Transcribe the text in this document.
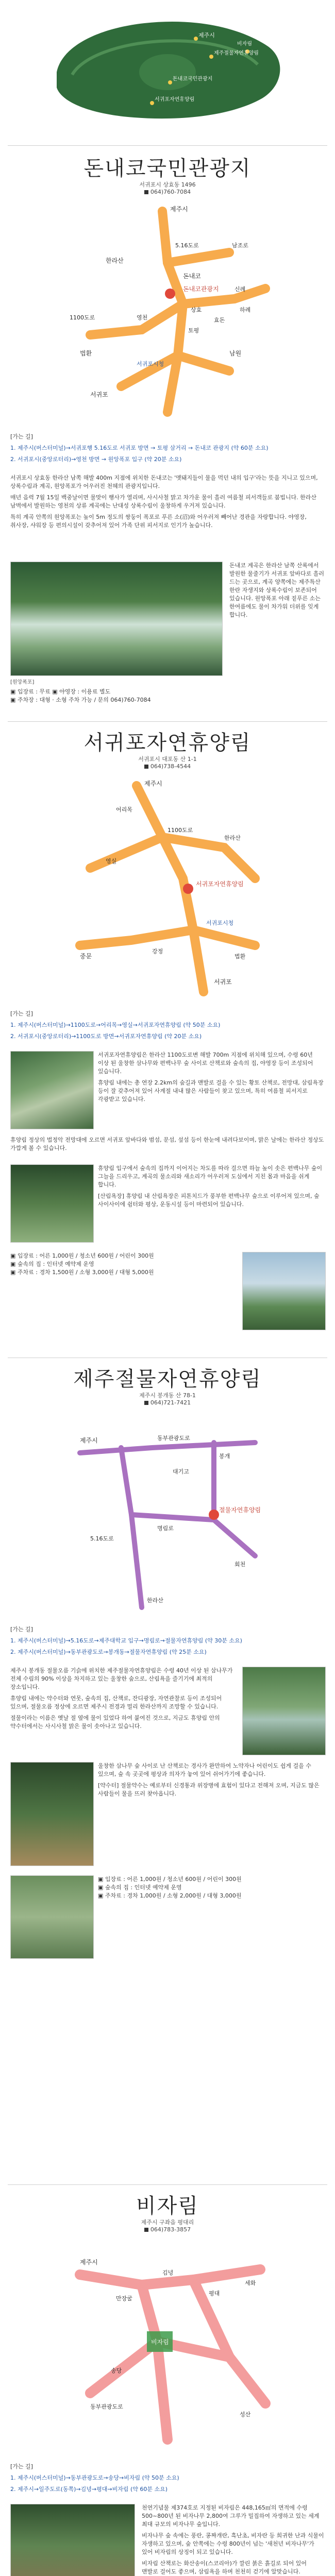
제주시
돈내코국민관광지
서귀포자연휴양림
제주절물자연휴양림
비자림
돈내코국민관광지
서귀포시 상효동 1496
064)760-7084
서귀포
남원
법환
돈내코
돈내코관광지
제주시
한라산
상효
토평
영천	효돈
신례
서귀포시청
하례
1100도로
5.16도로	남조로

[가는 길]

1. 제주시(버스터미널)→서귀포행 5.16도로 서귀포 방면 → 토평 삼거리 → 돈내코 관광지 (약 60분 소요)

2. 서귀포시(중앙로터리)→영천 방면 → 원앙폭포 입구 (약 20분 소요)

서귀포시 상효동 한라산 남쪽 해발 400m 지점에 위치한 돈내코는 '멧돼지들이 물을 먹던 내의 입구'라는 뜻을 지니고 있으며, 상록수림과 계곡, 원앙폭포가 어우러진 천혜의 관광지입니다.

매년 음력 7월 15일 백중날이면 물맞이 행사가 열리며, 사시사철 맑고 차가운 물이 흘러 여름철 피서객들로 붐빕니다. 한라산 남벽에서 발원하는 영천의 상류 계곡에는 난대성 상록수림이 울창하게 우거져 있습니다.

특히 계곡 안쪽의 원앙폭포는 높이 5m 정도의 쌍둥이 폭포로 푸른 소(沼)와 어우러져 빼어난 경관을 자랑합니다. 야영장, 취사장, 샤워장 등 편의시설이 갖추어져 있어 가족 단위 피서지로 인기가 높습니다.

[원앙폭포]

돈내코 계곡은 한라산 남쪽 산록에서 발원한 물줄기가 서귀포 앞바다로 흘러 드는 곳으로, 계곡 양쪽에는 제주특산 한란 자생지와 상록수림이 보존되어 있습니다. 원앙폭포 아래 짙푸른 소는 한여름에도 물이 차가워 더위를 잊게 합니다.

▣ 입장료 : 무료 ▣ 야영장 : 이용료 별도
▣ 주차장 : 대형 · 소형 주차 가능 / 문의 064)760-7084
서귀포자연휴양림
서귀포시 대포동 산 1-1
064)738-4544
서귀포자연휴양림
서귀포
중문
제주시
1100도로
영실
어리목
한라산
서귀포시청
강정
법환

[가는 길]

1. 제주시(버스터미널)→1100도로→어리목→영실→서귀포자연휴양림 (약 50분 소요)

2. 서귀포시(중앙로터리)→1100도로 방면→서귀포자연휴양림 (약 20분 소요)

서귀포자연휴양림은 한라산 1100도로변 해발 700m 지점에 위치해 있으며, 수령 60년 이상 된 울창한 삼나무와 편백나무 숲 사이로 산책로와 숲속의 집, 야영장 등이 조성되어 있습니다.

휴양림 내에는 총 연장 2.2km의 숲길과 맨발로 걸을 수 있는 황토 산책로, 전망대, 삼림욕장 등이 잘 갖추어져 있어 사계절 내내 많은 사람들이 찾고 있으며, 특히 여름철 피서지로 각광받고 있습니다.

휴양림 정상의 법정악 전망대에 오르면 서귀포 앞바다와 범섬, 문섬, 섶섬 등이 한눈에 내려다보이며, 맑은 날에는 한라산 정상도 가깝게 볼 수 있습니다.

휴양림 입구에서 숲속의 집까지 이어지는 차도를 따라 걸으면 하늘 높이 솟은 편백나무 숲이 그늘을 드리우고, 계곡의 물소리와 새소리가 어우러져 도심에서 지친 몸과 마음을 쉬게 합니다.

[산림욕장] 휴양림 내 산림욕장은 피톤치드가 풍부한 편백나무 숲으로 이루어져 있으며, 숲 사이사이에 쉼터와 평상, 운동시설 등이 마련되어 있습니다.

▣ 입장료 : 어른 1,000원 / 청소년 600원 / 어린이 300원
▣ 숲속의 집 : 인터넷 예약제 운영
▣ 주차료 : 경차 1,500원 / 소형 3,000원 / 대형 5,000원
제주절물자연휴양림
제주시 봉개동 산 78-1
064)721-7421
제주시
절물자연휴양림
봉개
동부관광도로
명림로
5.16도로
한라산
대기고
회천

[가는 길]

1. 제주시(버스터미널)→5.16도로→제주대학교 입구→명림로→절물자연휴양림 (약 30분 소요)

2. 제주시(버스터미널)→동부관광도로→봉개동→절물자연휴양림 (약 25분 소요)

제주시 봉개동 절물오름 기슭에 위치한 제주절물자연휴양림은 수령 40년 이상 된 삼나무가 전체 수림의 90% 이상을 차지하고 있는 울창한 숲으로, 산림욕을 즐기기에 최적의 장소입니다.

휴양림 내에는 약수터와 연못, 숲속의 집, 산책로, 잔디광장, 자연관찰로 등이 조성되어 있으며, 절물오름 정상에 오르면 제주시 전경과 멀리 한라산까지 조망할 수 있습니다.

절물이라는 이름은 옛날 절 옆에 물이 있었다 하여 붙여진 것으로, 지금도 휴양림 안의 약수터에서는 사시사철 맑은 물이 솟아나고 있습니다.

울창한 삼나무 숲 사이로 난 산책로는 경사가 완만하여 노약자나 어린이도 쉽게 걸을 수 있으며, 숲 속 곳곳에 평상과 의자가 놓여 있어 쉬어가기에 좋습니다.

[약수터] 절물약수는 예로부터 신경통과 위장병에 효험이 있다고 전해져 오며, 지금도 많은 사람들이 물을 뜨러 찾아옵니다.

▣ 입장료 : 어른 1,000원 / 청소년 600원 / 어린이 300원
▣ 숲속의 집 : 인터넷 예약제 운영
▣ 주차료 : 경차 1,000원 / 소형 2,000원 / 대형 3,000원
비자림
제주시 구좌읍 평대리
064)783-3857
제주시
비자림
송당
평대
세화
김녕
만장굴
동부관광도로
성산

[가는 길]

1. 제주시(버스터미널)→동부관광도로→송당→비자림 (약 50분 소요)

2. 제주시→일주도로(동쪽)→김녕→평대→비자림 (약 60분 소요)

천연기념물 제374호로 지정된 비자림은 448,165㎡의 면적에 수령 500~800년 된 비자나무 2,800여 그루가 밀집하여 자생하고 있는 세계 최대 규모의 비자나무 숲입니다.

비자나무 숲 속에는 풍란, 콩짜개란, 흑난초, 비자란 등 희귀한 난과 식물이 자생하고 있으며, 숲 안쪽에는 수령 800년이 넘는 '새천년 비자나무'가 있어 비자림의 상징이 되고 있습니다.

비자림 산책로는 화산송이(스코리아)가 깔린 붉은 흙길로 되어 있어 맨발로 걸어도 좋으며, 삼림욕을 하며 천천히 걷기에 알맞습니다.
